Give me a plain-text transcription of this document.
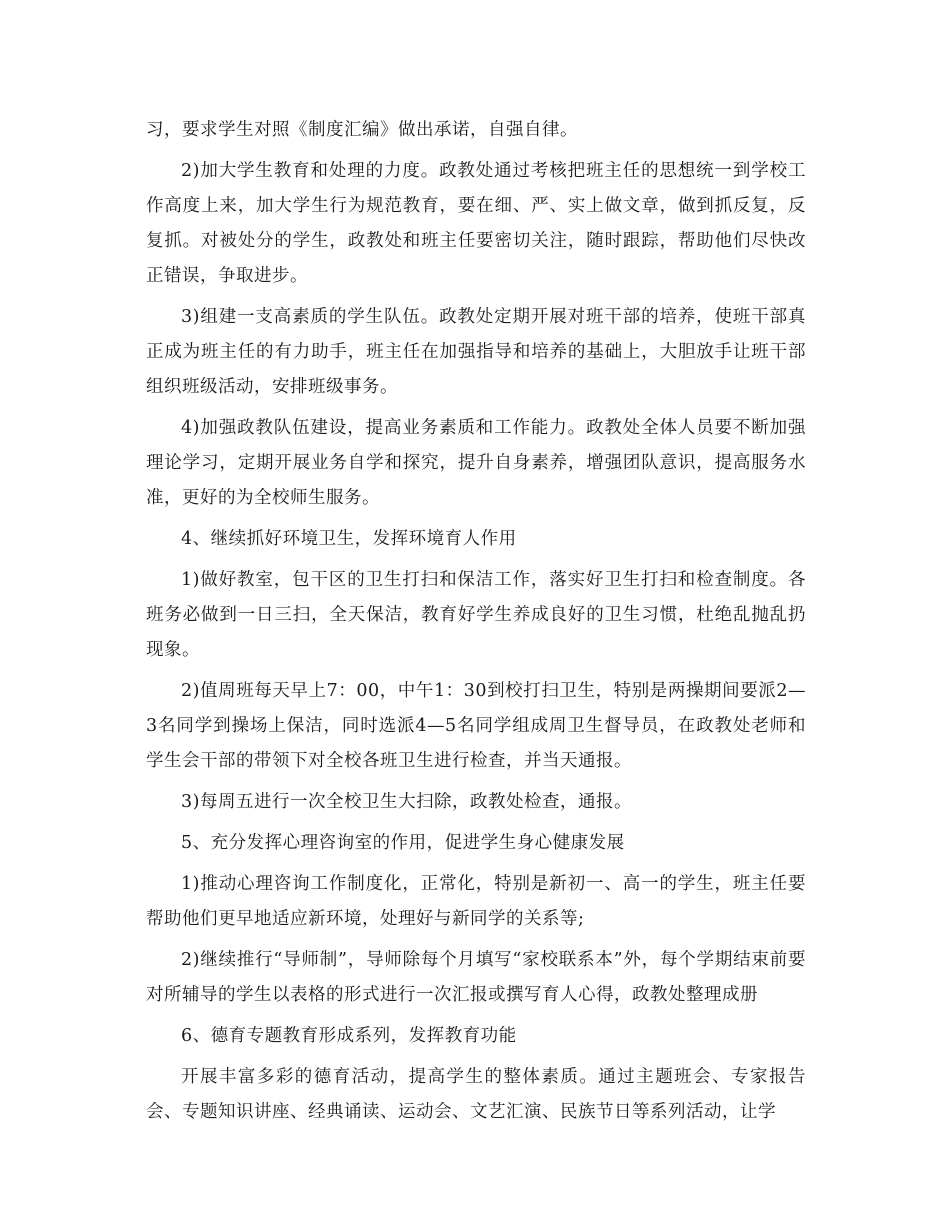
习，要求学生对照《制度汇编》做出承诺，自强自律。

2)加大学生教育和处理的力度。政教处通过考核把班主任的思想统一到学校工作高度上来，加大学生行为规范教育，要在细、严、实上做文章，做到抓反复，反复抓。对被处分的学生，政教处和班主任要密切关注，随时跟踪，帮助他们尽快改正错误，争取进步。

3)组建一支高素质的学生队伍。政教处定期开展对班干部的培养，使班干部真正成为班主任的有力助手，班主任在加强指导和培养的基础上，大胆放手让班干部组织班级活动，安排班级事务。

4)加强政教队伍建设，提高业务素质和工作能力。政教处全体人员要不断加强理论学习，定期开展业务自学和探究，提升自身素养，增强团队意识，提高服务水准，更好的为全校师生服务。

4、继续抓好环境卫生，发挥环境育人作用

1)做好教室，包干区的卫生打扫和保洁工作，落实好卫生打扫和检查制度。各班务必做到一日三扫，全天保洁，教育好学生养成良好的卫生习惯，杜绝乱抛乱扔现象。

2)值周班每天早上7：00，中午1：30到校打扫卫生，特别是两操期间要派2—3名同学到操场上保洁，同时选派4—5名同学组成周卫生督导员，在政教处老师和学生会干部的带领下对全校各班卫生进行检查，并当天通报。

3)每周五进行一次全校卫生大扫除，政教处检查，通报。

5、充分发挥心理咨询室的作用，促进学生身心健康发展

1)推动心理咨询工作制度化，正常化，特别是新初一、高一的学生，班主任要帮助他们更早地适应新环境，处理好与新同学的关系等;

2)继续推行“导师制”，导师除每个月填写“家校联系本”外，每个学期结束前要对所辅导的学生以表格的形式进行一次汇报或撰写育人心得，政教处整理成册

6、德育专题教育形成系列，发挥教育功能

开展丰富多彩的德育活动，提高学生的整体素质。通过主题班会、专家报告会、专题知识讲座、经典诵读、运动会、文艺汇演、民族节日等系列活动，让学
